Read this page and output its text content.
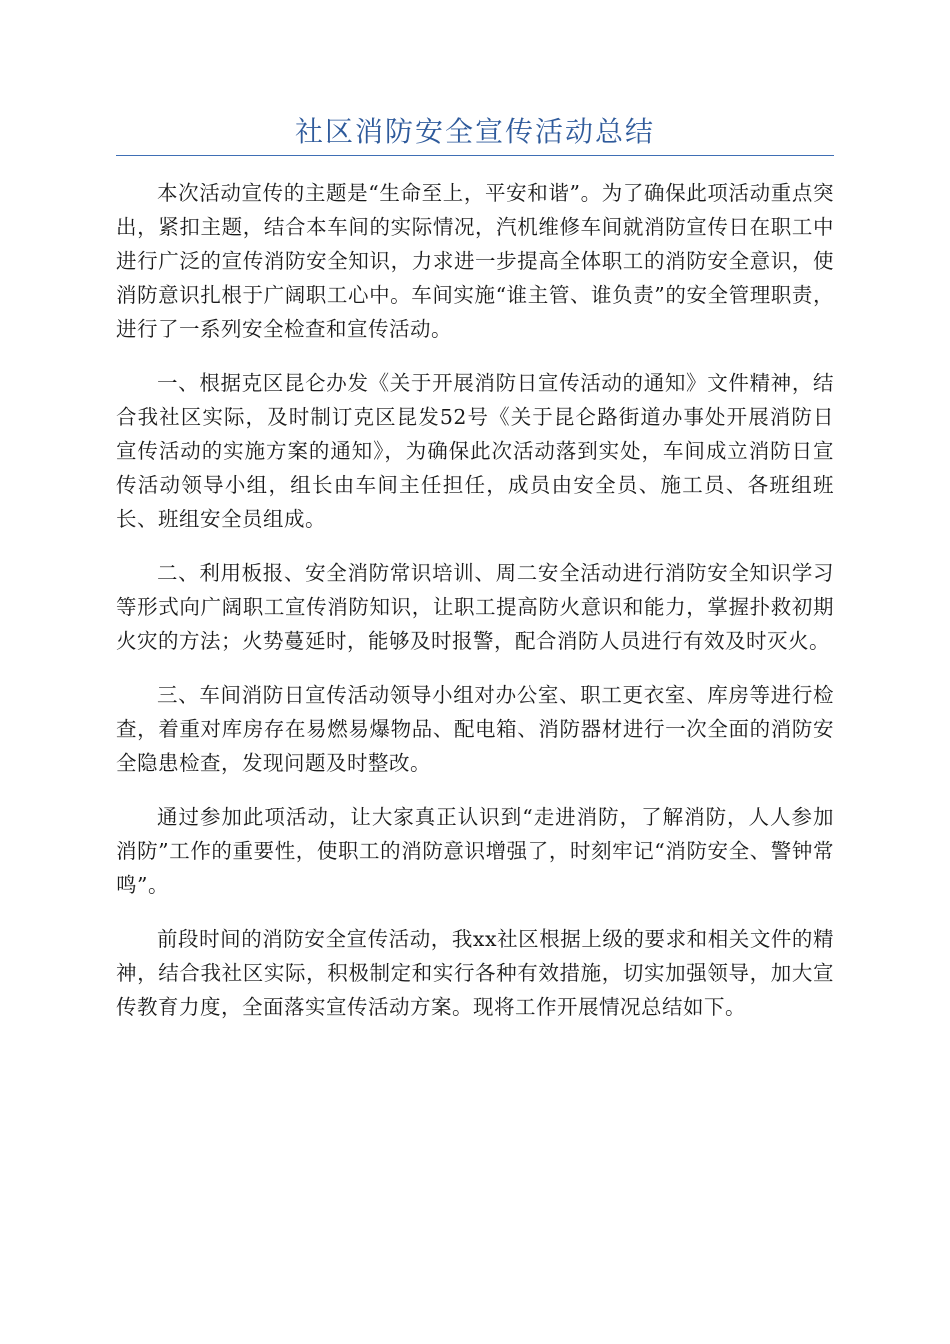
社区消防安全宣传活动总结

本次活动宣传的主题是“生命至上，平安和谐”。为了确保此项活动重点突出，紧扣主题，结合本车间的实际情况，汽机维修车间就消防宣传日在职工中进行广泛的宣传消防安全知识，力求进一步提高全体职工的消防安全意识，使消防意识扎根于广阔职工心中。车间实施“谁主管、谁负责”的安全管理职责，进行了一系列安全检查和宣传活动。

一、根据克区昆仑办发《关于开展消防日宣传活动的通知》文件精神，结合我社区实际，及时制订克区昆发52号《关于昆仑路街道办事处开展消防日宣传活动的实施方案的通知》，为确保此次活动落到实处，车间成立消防日宣传活动领导小组，组长由车间主任担任，成员由安全员、施工员、各班组班长、班组安全员组成。

二、利用板报、安全消防常识培训、周二安全活动进行消防安全知识学习等形式向广阔职工宣传消防知识，让职工提高防火意识和能力，掌握扑救初期火灾的方法；火势蔓延时，能够及时报警，配合消防人员进行有效及时灭火。

三、车间消防日宣传活动领导小组对办公室、职工更衣室、库房等进行检查，着重对库房存在易燃易爆物品、配电箱、消防器材进行一次全面的消防安全隐患检查，发现问题及时整改。

通过参加此项活动，让大家真正认识到“走进消防，了解消防，人人参加消防”工作的重要性，使职工的消防意识增强了，时刻牢记“消防安全、警钟常鸣”。

前段时间的消防安全宣传活动，我xx社区根据上级的要求和相关文件的精神，结合我社区实际，积极制定和实行各种有效措施，切实加强领导，加大宣传教育力度，全面落实宣传活动方案。现将工作开展情况总结如下。
